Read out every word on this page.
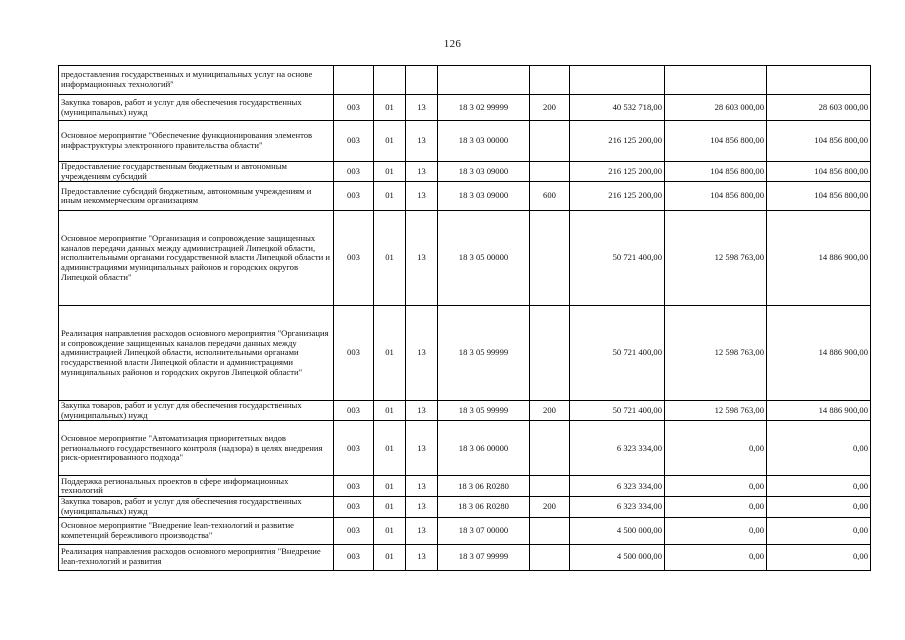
126
предоставления государственных и муниципальных услуг на основе информационных технологий"								
Закупка товаров, работ и услуг для обеспечения государственных (муниципальных) нужд	003	01	13	18 3 02 99999	200	40 532 718,00	28 603 000,00	28 603 000,00
Основное мероприятие "Обеспечение функционирования элементов инфраструктуры электронного правительства области"	003	01	13	18 3 03 00000		216 125 200,00	104 856 800,00	104 856 800,00
Предоставление государственным бюджетным и автономным учреждениям субсидий	003	01	13	18 3 03 09000		216 125 200,00	104 856 800,00	104 856 800,00
Предоставление субсидий бюджетным, автономным учреждениям и иным некоммерческим организациям	003	01	13	18 3 03 09000	600	216 125 200,00	104 856 800,00	104 856 800,00
Основное мероприятие "Организация и сопровождение защищенных каналов передачи данных между администрацией Липецкой области, исполнительными органами государственной власти Липецкой области и администрациями муниципальных районов и городских округов Липецкой области"	003	01	13	18 3 05 00000		50 721 400,00	12 598 763,00	14 886 900,00
Реализация направления расходов основного мероприятия "Организация и сопровождение защищенных каналов передачи данных между администрацией Липецкой области, исполнительными органами государственной власти Липецкой области и администрациями муниципальных районов и городских округов Липецкой области"	003	01	13	18 3 05 99999		50 721 400,00	12 598 763,00	14 886 900,00
Закупка товаров, работ и услуг для обеспечения государственных (муниципальных) нужд	003	01	13	18 3 05 99999	200	50 721 400,00	12 598 763,00	14 886 900,00
Основное мероприятие "Автоматизация приоритетных видов регионального государственного контроля (надзора) в целях внедрения риск-ориентированного подхода"	003	01	13	18 3 06 00000		6 323 334,00	0,00	0,00
Поддержка региональных проектов в сфере информационных технологий	003	01	13	18 3 06 R0280		6 323 334,00	0,00	0,00
Закупка товаров, работ и услуг для обеспечения государственных (муниципальных) нужд	003	01	13	18 3 06 R0280	200	6 323 334,00	0,00	0,00
Основное мероприятие "Внедрение lean-технологий и развитие компетенций бережливого производства"	003	01	13	18 3 07 00000		4 500 000,00	0,00	0,00
Реализация направления расходов основного мероприятия "Внедрение lean-технологий и развития	003	01	13	18 3 07 99999		4 500 000,00	0,00	0,00
